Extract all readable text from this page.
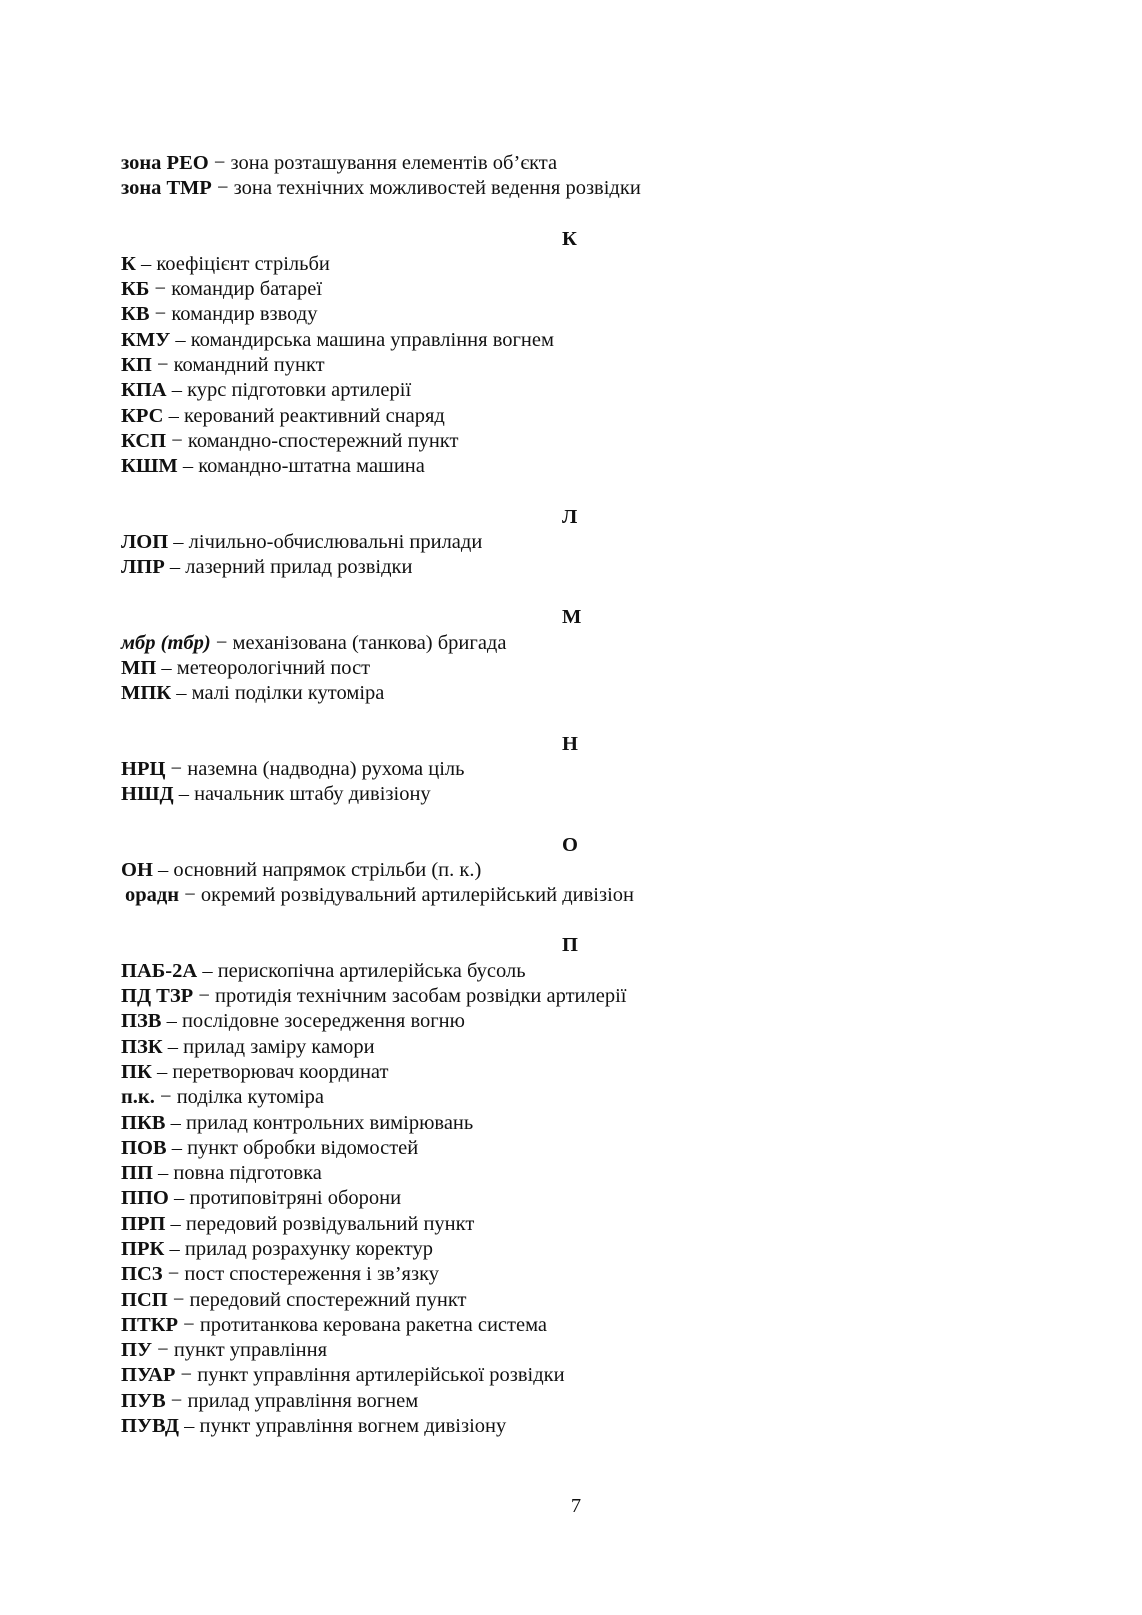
зона РЕО − зона розташування елементів об’єкта
зона ТМР − зона технічних можливостей ведення розвідки
К
К – коефіцієнт стрільби
КБ − командир батареї
КВ − командир взводу
КМУ – командирська машина управління вогнем
КП − командний пункт
КПА – курс підготовки артилерії
КРС – керований реактивний снаряд
КСП − командно-спостережний пункт
КШМ – командно-штатна машина
Л
ЛОП – лічильно-обчислювальні прилади
ЛПР – лазерний прилад розвідки
М
мбр (тбр) − механізована (танкова) бригада
МП – метеорологічний пост
МПК – малі поділки кутоміра
Н
НРЦ − наземна (надводна) рухома ціль
НШД – начальник штабу дивізіону
О
ОН – основний напрямок стрільби (п. к.)
орадн − окремий розвідувальний артилерійський дивізіон
П
ПАБ-2А – перископічна артилерійська бусоль
ПД ТЗР − протидія технічним засобам розвідки артилерії
ПЗВ – послідовне зосередження вогню
ПЗК – прилад заміру камори
ПК – перетворювач координат
п.к. − поділка кутоміра
ПКВ – прилад контрольних вимірювань
ПОВ – пункт обробки відомостей
ПП – повна підготовка
ППО – протиповітряні оборони
ПРП – передовий розвідувальний пункт
ПРК – прилад розрахунку коректур
ПСЗ − пост спостереження і зв’язку
ПСП − передовий спостережний пункт
ПТКР − протитанкова керована ракетна система
ПУ − пункт управління
ПУАР − пункт управління артилерійської розвідки
ПУВ − прилад управління вогнем
ПУВД – пункт управління вогнем дивізіону
7
